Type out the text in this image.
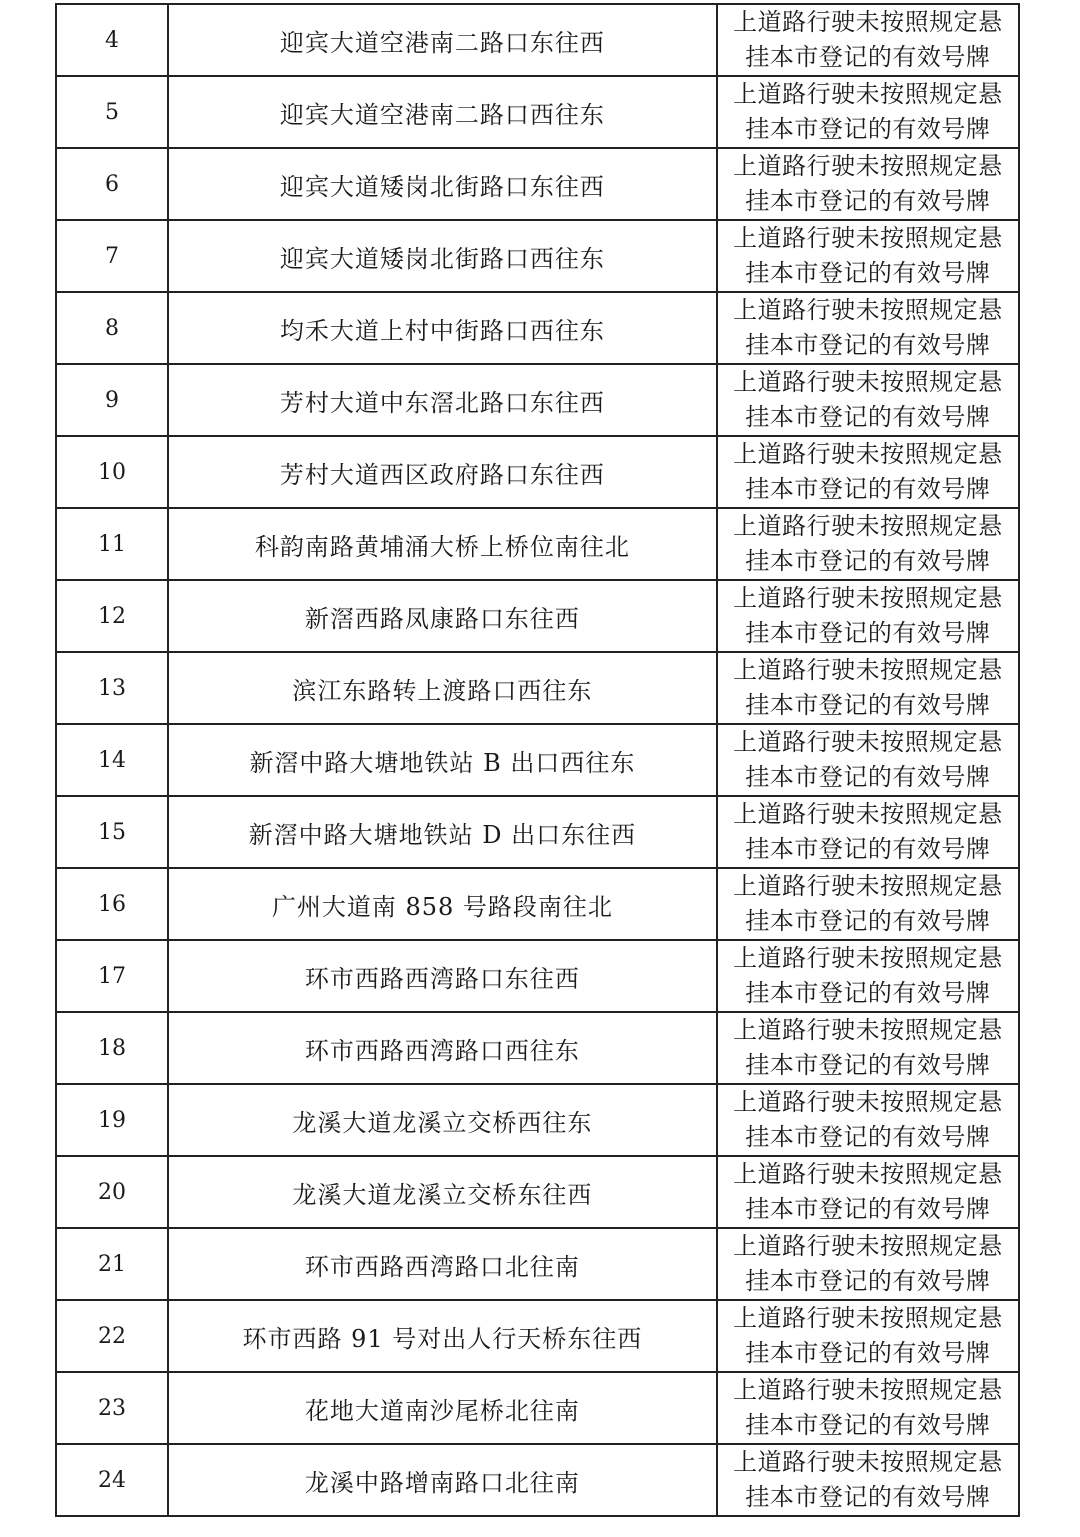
4	迎宾大道空港南二路口东往西	上道路行驶未按照规定悬
挂本市登记的有效号牌

5	迎宾大道空港南二路口西往东	上道路行驶未按照规定悬
挂本市登记的有效号牌

6	迎宾大道矮岗北街路口东往西	上道路行驶未按照规定悬
挂本市登记的有效号牌

7	迎宾大道矮岗北街路口西往东	上道路行驶未按照规定悬
挂本市登记的有效号牌

8	均禾大道上村中街路口西往东	上道路行驶未按照规定悬
挂本市登记的有效号牌

9	芳村大道中东滘北路口东往西	上道路行驶未按照规定悬
挂本市登记的有效号牌

10	芳村大道西区政府路口东往西	上道路行驶未按照规定悬
挂本市登记的有效号牌

11	科韵南路黄埔涌大桥上桥位南往北	上道路行驶未按照规定悬
挂本市登记的有效号牌

12	新滘西路凤康路口东往西	上道路行驶未按照规定悬
挂本市登记的有效号牌

13	滨江东路转上渡路口西往东	上道路行驶未按照规定悬
挂本市登记的有效号牌

14	新滘中路大塘地铁站 B 出口西往东	上道路行驶未按照规定悬
挂本市登记的有效号牌

15	新滘中路大塘地铁站 D 出口东往西	上道路行驶未按照规定悬
挂本市登记的有效号牌

16	广州大道南 858 号路段南往北	上道路行驶未按照规定悬
挂本市登记的有效号牌

17	环市西路西湾路口东往西	上道路行驶未按照规定悬
挂本市登记的有效号牌

18	环市西路西湾路口西往东	上道路行驶未按照规定悬
挂本市登记的有效号牌

19	龙溪大道龙溪立交桥西往东	上道路行驶未按照规定悬
挂本市登记的有效号牌

20	龙溪大道龙溪立交桥东往西	上道路行驶未按照规定悬
挂本市登记的有效号牌

21	环市西路西湾路口北往南	上道路行驶未按照规定悬
挂本市登记的有效号牌

22	环市西路 91 号对出人行天桥东往西	上道路行驶未按照规定悬
挂本市登记的有效号牌

23	花地大道南沙尾桥北往南	上道路行驶未按照规定悬
挂本市登记的有效号牌

24	龙溪中路增南路口北往南	上道路行驶未按照规定悬
挂本市登记的有效号牌
